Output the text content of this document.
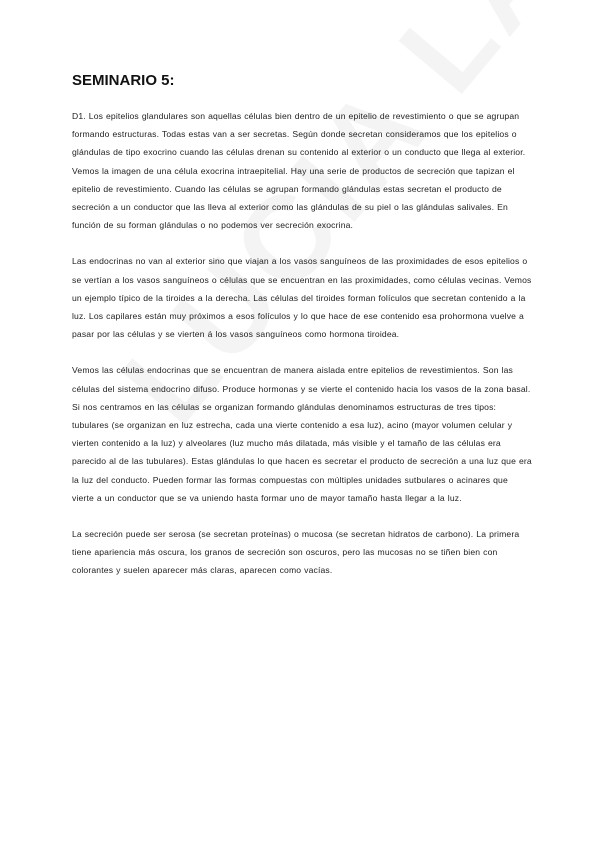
SEMINARIO 5:

D1. Los epitelios glandulares son aquellas células bien dentro de un epitelio de revestimiento o que se agrupan formando estructuras. Todas estas van a ser secretas. Según donde secretan consideramos que los epitelios o glándulas de tipo exocrino cuando las células drenan su contenido al exterior o un conducto que llega al exterior. Vemos la imagen de una célula exocrina intraepitelial. Hay una serie de productos de secreción que tapizan el epitelio de revestimiento. Cuando las células se agrupan formando glándulas estas secretan el producto de secreción a un conductor que las lleva al exterior como las glándulas de su piel o las glándulas salivales. En función de su forman glándulas o no podemos ver secreción exocrina.

Las endocrinas no van al exterior sino que viajan a los vasos sanguíneos de las proximidades de esos epitelios o se vertían a los vasos sanguíneos o células que se encuentran en las proximidades, como células vecinas. Vemos un ejemplo típico de la tiroides a la derecha. Las células del tiroides forman folículos que secretan contenido a la luz. Los capilares están muy próximos a esos folículos y lo que hace de ese contenido esa prohormona vuelve a pasar por las células y se vierten á los vasos sanguíneos como hormona tiroidea.

Vemos las células endocrinas que se encuentran de manera aislada entre epitelios de revestimientos. Son las células del sistema endocrino difuso. Produce hormonas y se vierte el contenido hacia los vasos de la zona basal. Si nos centramos en las células se organizan formando glándulas denominamos estructuras de tres tipos: tubulares (se organizan en luz estrecha, cada una vierte contenido a esa luz), acino (mayor volumen celular y vierten contenido a la luz) y alveolares (luz mucho más dilatada, más visible y el tamaño de las células era parecido al de las tubulares). Estas glándulas lo que hacen es secretar el producto de secreción a una luz que era la luz del conducto. Pueden formar las formas compuestas con múltiples unidades sutbulares o acinares que vierte a un conductor que se va uniendo hasta formar uno de mayor tamaño hasta llegar a la luz.

La secreción puede ser serosa (se secretan proteínas) o mucosa (se secretan hidratos de carbono). La primera tiene apariencia más oscura, los granos de secreción son oscuros, pero las mucosas no se tiñen bien con colorantes y suelen aparecer más claras, aparecen como vacías.
